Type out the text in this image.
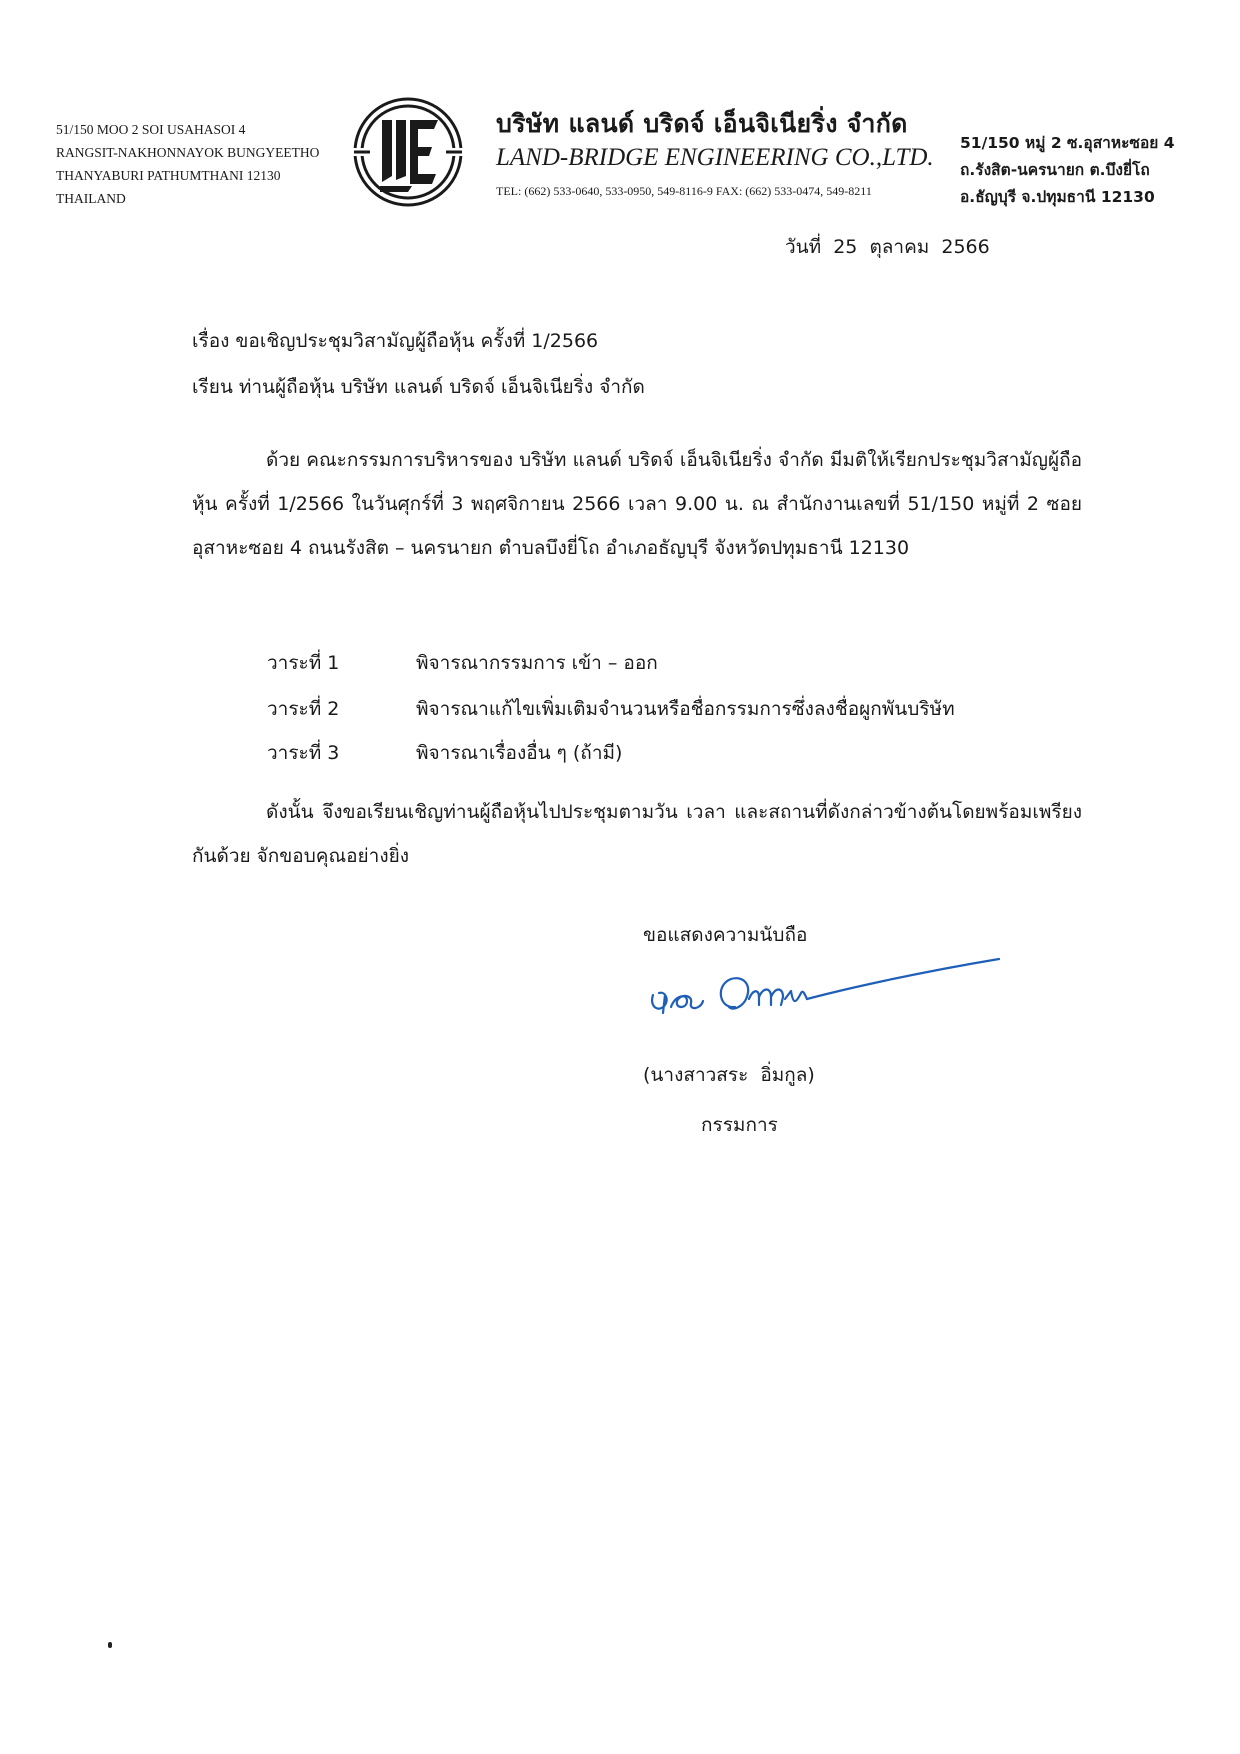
51/150 MOO 2 SOI USAHASOI 4
RANGSIT-NAKHONNAYOK BUNGYEETHO
THANYABURI PATHUMTHANI 12130
THAILAND
บริษัท แลนด์ บริดจ์ เอ็นจิเนียริ่ง จำกัด
LAND-BRIDGE ENGINEERING CO.,LTD.
TEL: (662) 533-0640, 533-0950, 549-8116-9 FAX: (662) 533-0474, 549-8211
51/150 หมู่ 2 ซ.อุสาหะซอย 4
ถ.รังสิต-นครนายก ต.บึงยี่โถ
อ.ธัญบุรี จ.ปทุมธานี 12130
วันที่ 25 ตุลาคม 2566
เรื่อง ขอเชิญประชุมวิสามัญผู้ถือหุ้น ครั้งที่ 1/2566
เรียน ท่านผู้ถือหุ้น บริษัท แลนด์ บริดจ์ เอ็นจิเนียริ่ง จำกัด
ด้วย คณะกรรมการบริหารของ บริษัท แลนด์ บริดจ์ เอ็นจิเนียริ่ง จำกัด มีมติให้เรียกประชุมวิสามัญผู้ถือหุ้น ครั้งที่ 1/2566 ในวันศุกร์ที่ 3 พฤศจิกายน 2566 เวลา 9.00 น. ณ สำนักงานเลขที่ 51/150 หมู่ที่ 2 ซอยอุสาหะซอย 4 ถนนรังสิต – นครนายก ตำบลบึงยี่โถ อำเภอธัญบุรี จังหวัดปทุมธานี 12130
วาระที่ 1	พิจารณากรรมการ เข้า – ออก
วาระที่ 2	พิจารณาแก้ไขเพิ่มเติมจำนวนหรือชื่อกรรมการซึ่งลงชื่อผูกพันบริษัท
วาระที่ 3	พิจารณาเรื่องอื่น ๆ (ถ้ามี)
ดังนั้น จึงขอเรียนเชิญท่านผู้ถือหุ้นไปประชุมตามวัน เวลา และสถานที่ดังกล่าวข้างต้นโดยพร้อมเพรียงกันด้วย จักขอบคุณอย่างยิ่ง
ขอแสดงความนับถือ
(นางสาวสระ อิ่มกูล)
กรรมการ
